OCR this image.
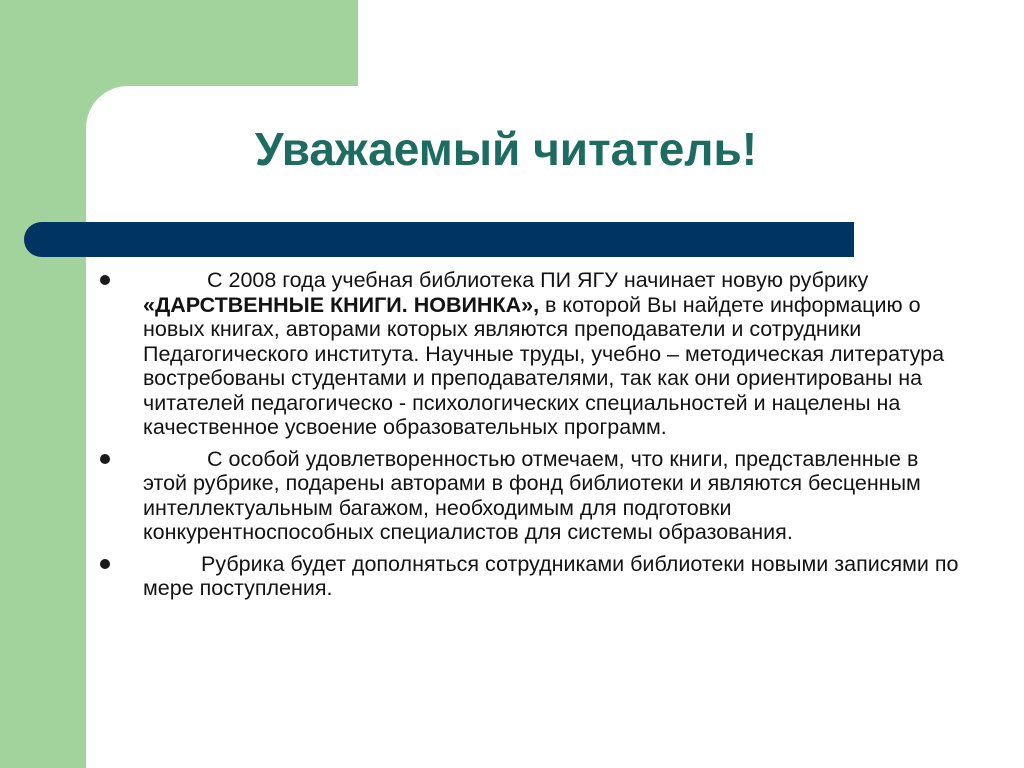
Уважаемый читатель!
С 2008 года учебная библиотека ПИ ЯГУ начинает новую рубрику «ДАРСТВЕННЫЕ КНИГИ. НОВИНКА», в которой Вы найдете информацию о новых книгах, авторами которых являются преподаватели и сотрудники Педагогического института. Научные труды, учебно – методическая литература востребованы студентами и преподавателями, так как они ориентированы на читателей педагогическо - психологических специальностей и нацелены на качественное усвоение образовательных программ.
С особой удовлетворенностью отмечаем, что книги, представленные в этой рубрике, подарены авторами в фонд библиотеки и являются бесценным интеллектуальным багажом, необходимым для подготовки конкурентноспособных специалистов для системы образования.
Рубрика будет дополняться сотрудниками библиотеки новыми записями по мере поступления.
